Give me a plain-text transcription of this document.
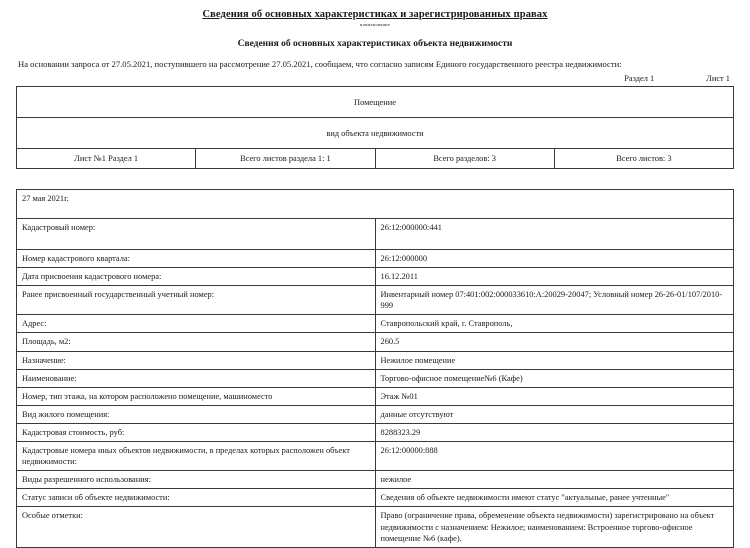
Сведения об основных характеристиках и зарегистрированных правах
наименование
Сведения об основных характеристиках объекта недвижимости
На основании запроса от 27.05.2021, поступившего на рассмотрение 27.05.2021, сообщаем, что согласно записям Единого государственного реестра недвижимости:
Раздел 1	Лист 1
Помещение
вид объекта недвижимости
Лист №1 Раздел 1	Всего листов раздела 1: 1	Всего разделов: 3	Всего листов: 3
27 мая 2021г.	
Кадастровый номер:	26:12:000000:441
Номер кадастрового квартала:	26:12:000000
Дата присвоения кадастрового номера:	16.12.2011
Ранее присвоенный государственный учетный номер:	Инвентарный номер 07:401:002:000033610:А:20029-20047; Условный номер 26-26-01/107/2010-999
Адрес:	Ставропольский край, г. Ставрополь,
Площадь, м2:	260.5
Назначение:	Нежилое помещение
Наименование:	Торгово-офисное помещение№6 (Кафе)
Номер, тип этажа, на котором расположено помещение, машиноместо	Этаж №01
Вид жилого помещения:	данные отсутствуют
Кадастровая стоимость, руб:	8288323.29
Кадастровые номера иных объектов недвижимости, в пределах которых расположен объект недвижимости:	26:12:00000:888
Виды разрешенного использования:	нежилое
Статус записи об объекте недвижимости:	Сведения об объекте недвижимости имеют статус "актуальные, ранее учтенные"
Особые отметки:	Право (ограничение права, обременение объекта недвижимости) зарегистрировано на объект недвижимости с назначением: Нежилое; наименованием: Встроенное торгово-офисное помещение №6 (кафе).
